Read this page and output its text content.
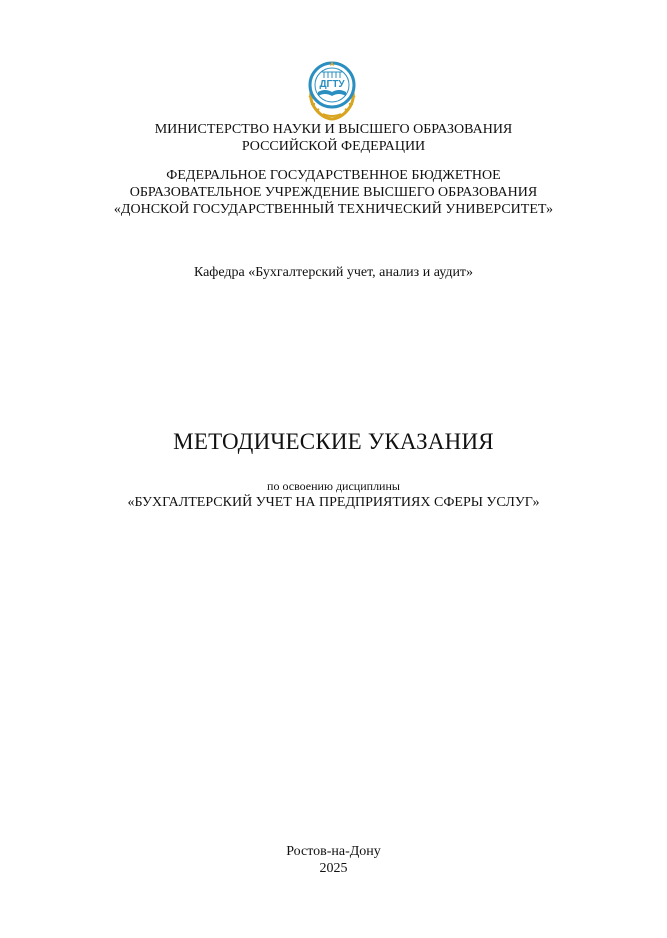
ДГТУ
МИНИСТЕРСТВО НАУКИ И ВЫСШЕГО ОБРАЗОВАНИЯ
РОССИЙСКОЙ ФЕДЕРАЦИИ
ФЕДЕРАЛЬНОЕ ГОСУДАРСТВЕННОЕ БЮДЖЕТНОЕ
ОБРАЗОВАТЕЛЬНОЕ УЧРЕЖДЕНИЕ ВЫСШЕГО ОБРАЗОВАНИЯ
«ДОНСКОЙ ГОСУДАРСТВЕННЫЙ ТЕХНИЧЕСКИЙ УНИВЕРСИТЕТ»
Кафедра «Бухгалтерский учет, анализ и аудит»
МЕТОДИЧЕСКИЕ УКАЗАНИЯ
по освоению дисциплины
«БУХГАЛТЕРСКИЙ УЧЕТ НА ПРЕДПРИЯТИЯХ СФЕРЫ УСЛУГ»
Ростов-на-Дону
2025
